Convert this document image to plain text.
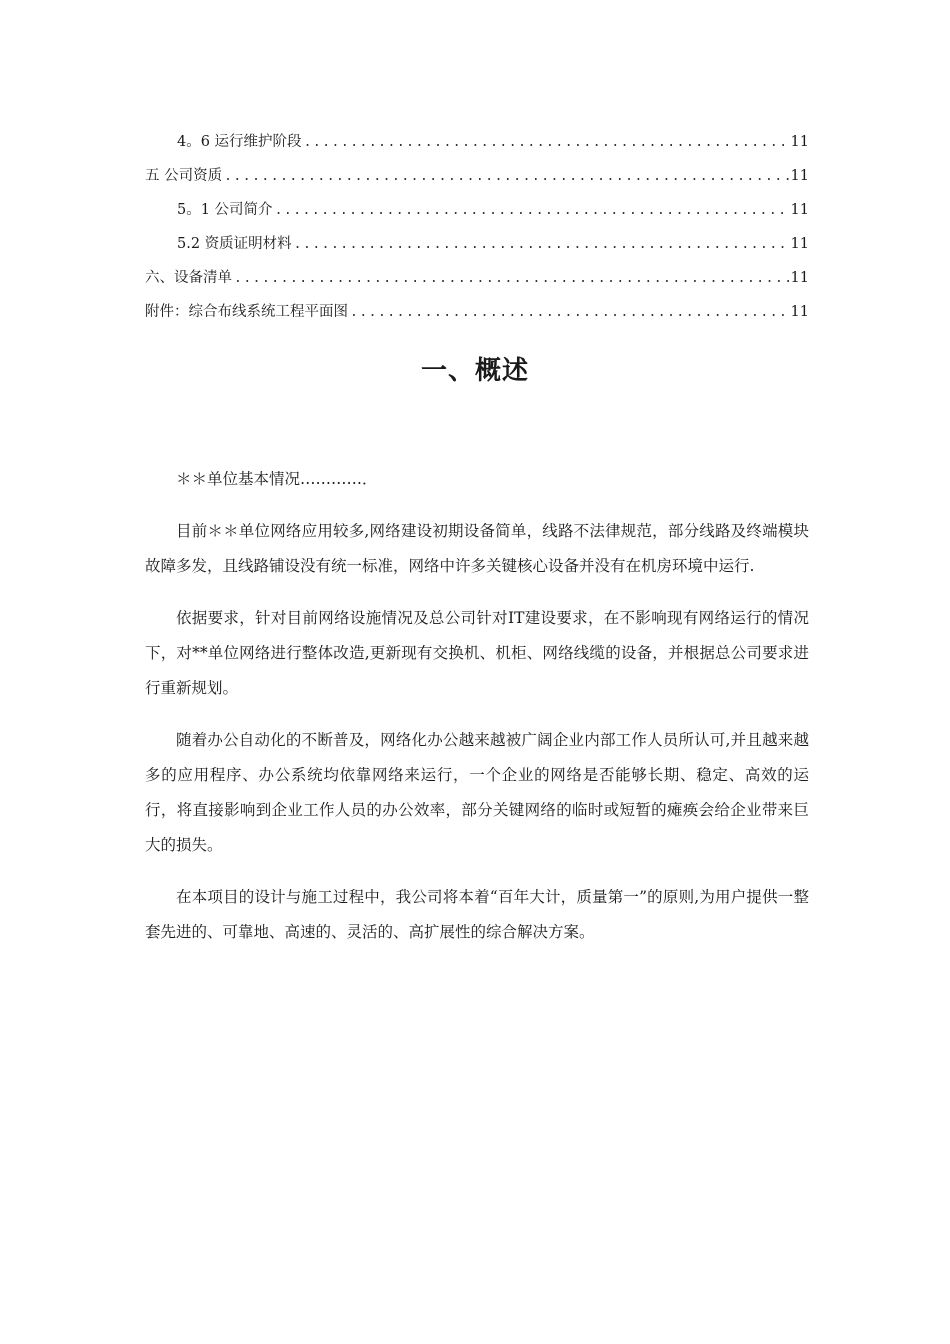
4。6 运行维护阶段 .....	11
五 公司资质 .....	11
5。1 公司简介 .....	11
5.2 资质证明材料 .....	11
六、设备清单 .....	11
附件：综合布线系统工程平面图 .....	11
一、概述

＊＊单位基本情况…………．

目前＊＊单位网络应用较多,网络建设初期设备简单，线路不法律规范，部分线路及终端模块故障多发，且线路铺设没有统一标准，网络中许多关键核心设备并没有在机房环境中运行.

依据要求，针对目前网络设施情况及总公司针对IT建设要求，在不影响现有网络运行的情况下，对**单位网络进行整体改造,更新现有交换机、机柜、网络线缆的设备，并根据总公司要求进行重新规划。

随着办公自动化的不断普及，网络化办公越来越被广阔企业内部工作人员所认可,并且越来越多的应用程序、办公系统均依靠网络来运行，一个企业的网络是否能够长期、稳定、高效的运行，将直接影响到企业工作人员的办公效率，部分关键网络的临时或短暂的瘫痪会给企业带来巨大的损失。

在本项目的设计与施工过程中，我公司将本着“百年大计，质量第一”的原则,为用户提供一整套先进的、可靠地、高速的、灵活的、高扩展性的综合解决方案。
